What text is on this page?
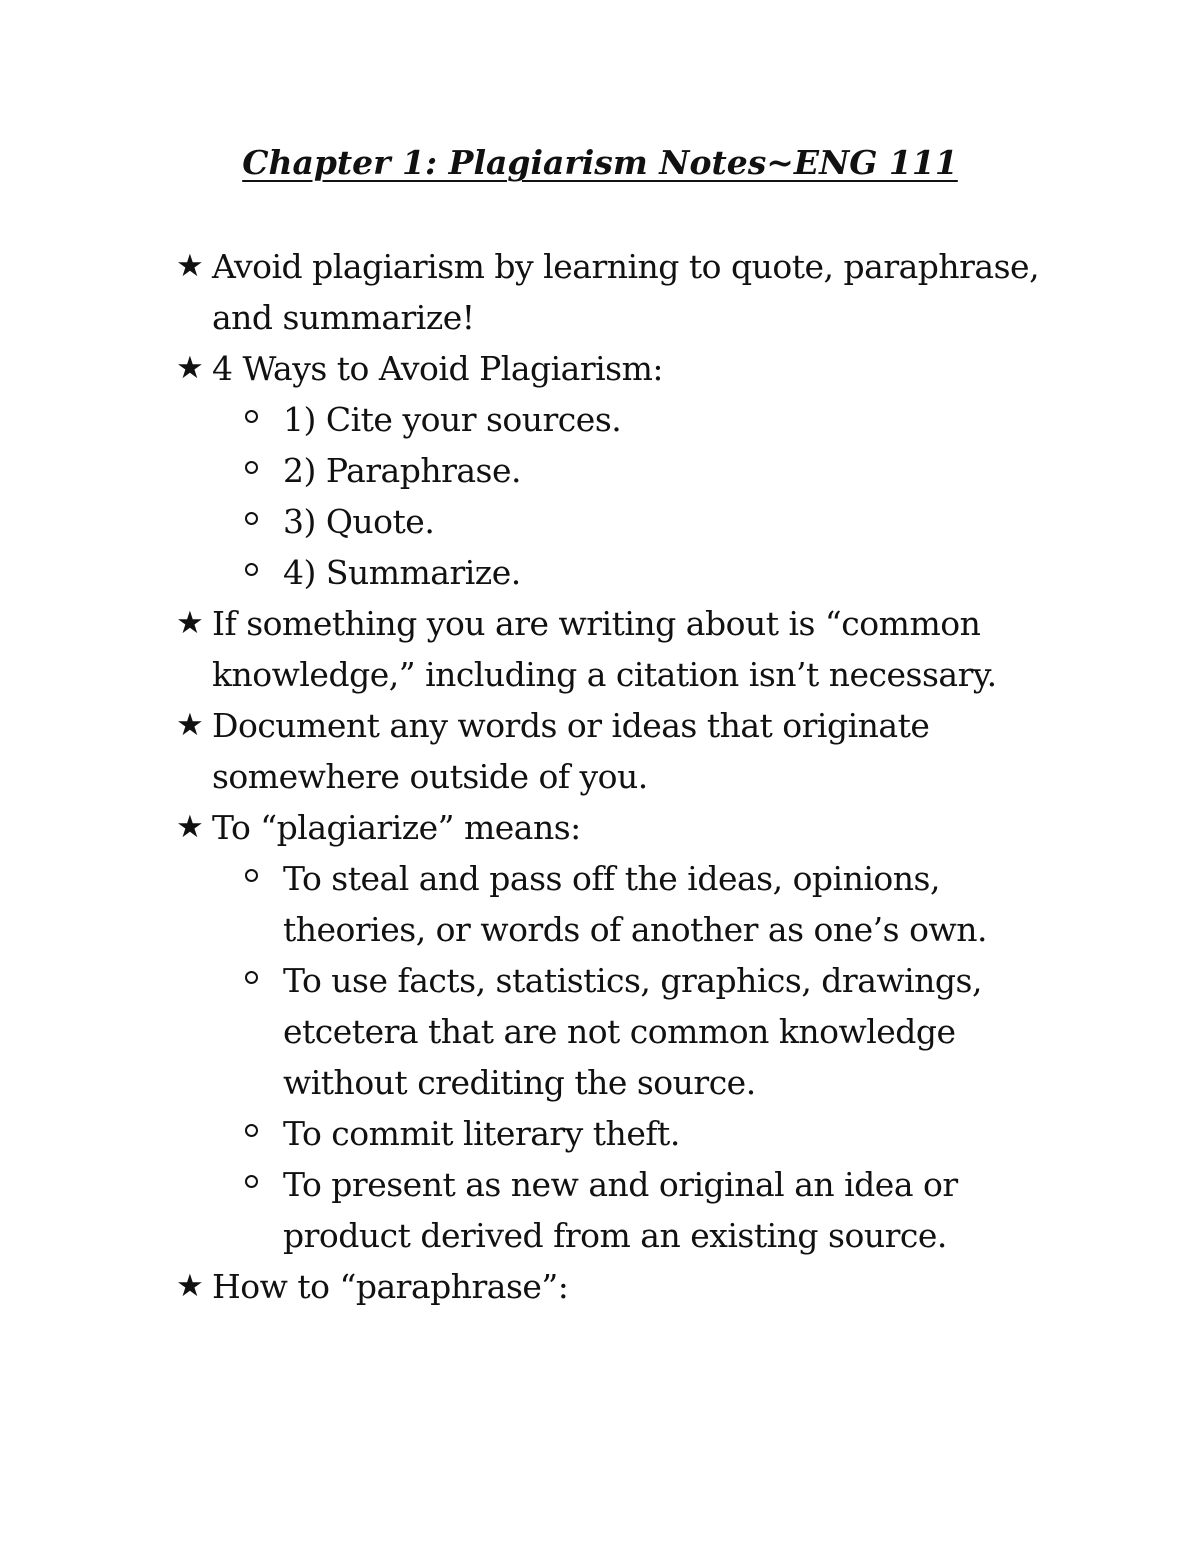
Chapter 1: Plagiarism Notes~ENG 111
★ Avoid plagiarism by learning to quote, paraphrase, and summarize!
★ 4 Ways to Avoid Plagiarism:
1) Cite your sources.
2) Paraphrase.
3) Quote.
4) Summarize.
★ If something you are writing about is “common knowledge,” including a citation isn’t necessary.
★ Document any words or ideas that originate somewhere outside of you.
★ To “plagiarize” means:
To steal and pass off the ideas, opinions, theories, or words of another as one’s own.
To use facts, statistics, graphics, drawings, etcetera that are not common knowledge without crediting the source.
To commit literary theft.
To present as new and original an idea or product derived from an existing source.
★ How to “paraphrase”:
